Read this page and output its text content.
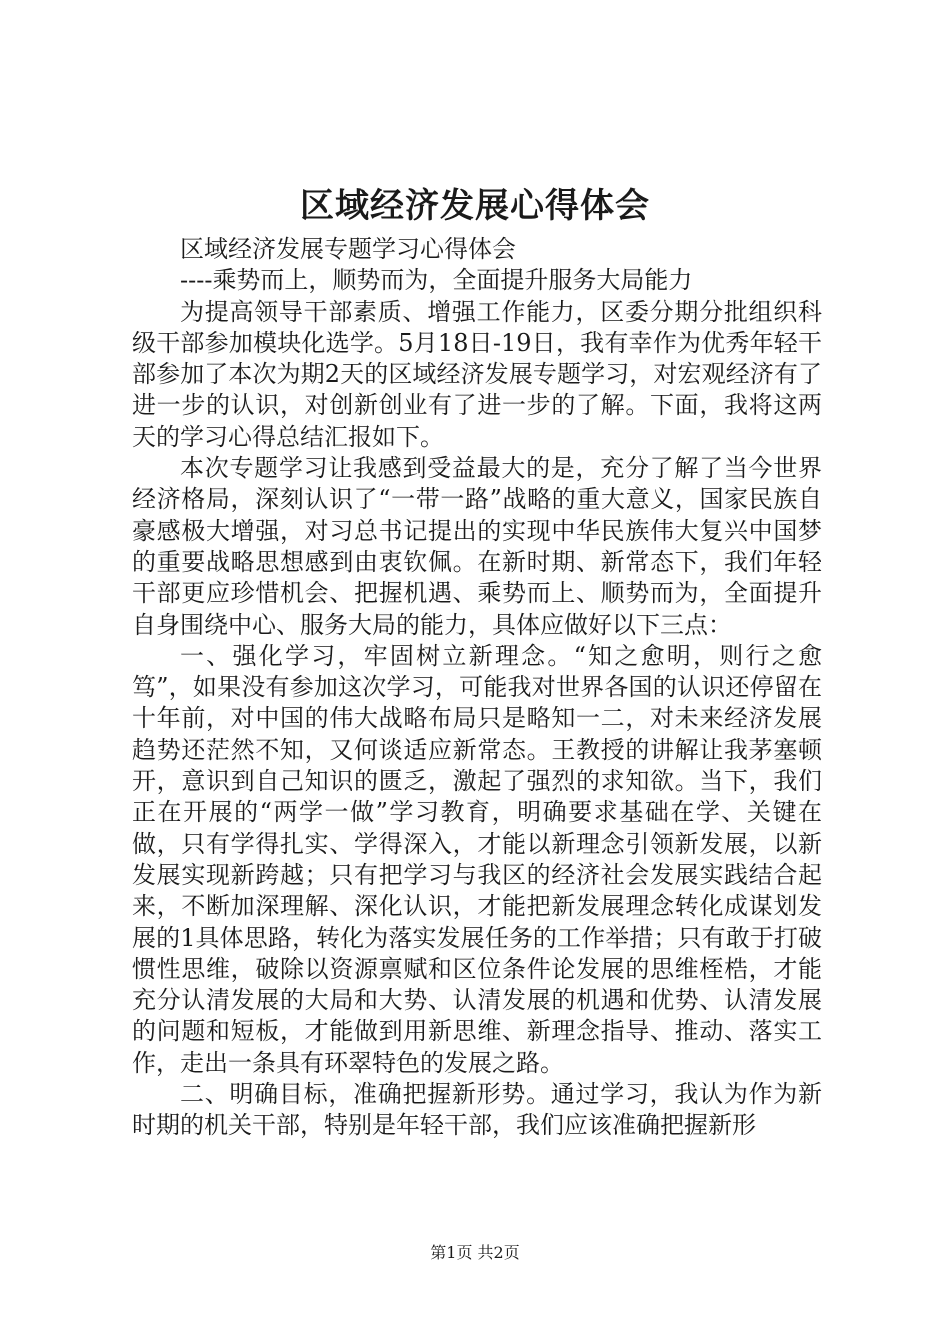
区域经济发展心得体会

区域经济发展专题学习心得体会

----乘势而上，顺势而为，全面提升服务大局能力

为提高领导干部素质、增强工作能力，区委分期分批组织科级干部参加模块化选学。5月18日-19日，我有幸作为优秀年轻干部参加了本次为期2天的区域经济发展专题学习，对宏观经济有了进一步的认识，对创新创业有了进一步的了解。下面，我将这两天的学习心得总结汇报如下。

本次专题学习让我感到受益最大的是，充分了解了当今世界经济格局，深刻认识了“一带一路”战略的重大意义，国家民族自豪感极大增强，对习总书记提出的实现中华民族伟大复兴中国梦的重要战略思想感到由衷钦佩。在新时期、新常态下，我们年轻干部更应珍惜机会、把握机遇、乘势而上、顺势而为，全面提升自身围绕中心、服务大局的能力，具体应做好以下三点：

一、强化学习，牢固树立新理念。“知之愈明，则行之愈笃”，如果没有参加这次学习，可能我对世界各国的认识还停留在十年前，对中国的伟大战略布局只是略知一二，对未来经济发展趋势还茫然不知，又何谈适应新常态。王教授的讲解让我茅塞顿开，意识到自己知识的匮乏，激起了强烈的求知欲。当下，我们正在开展的“两学一做”学习教育，明确要求基础在学、关键在做，只有学得扎实、学得深入，才能以新理念引领新发展，以新发展实现新跨越；只有把学习与我区的经济社会发展实践结合起来，不断加深理解、深化认识，才能把新发展理念转化成谋划发展的1具体思路，转化为落实发展任务的工作举措；只有敢于打破惯性思维，破除以资源禀赋和区位条件论发展的思维桎梏，才能充分认清发展的大局和大势、认清发展的机遇和优势、认清发展的问题和短板，才能做到用新思维、新理念指导、推动、落实工作，走出一条具有环翠特色的发展之路。

二、明确目标，准确把握新形势。通过学习，我认为作为新时期的机关干部，特别是年轻干部，我们应该准确把握新形

第1页 共2页
